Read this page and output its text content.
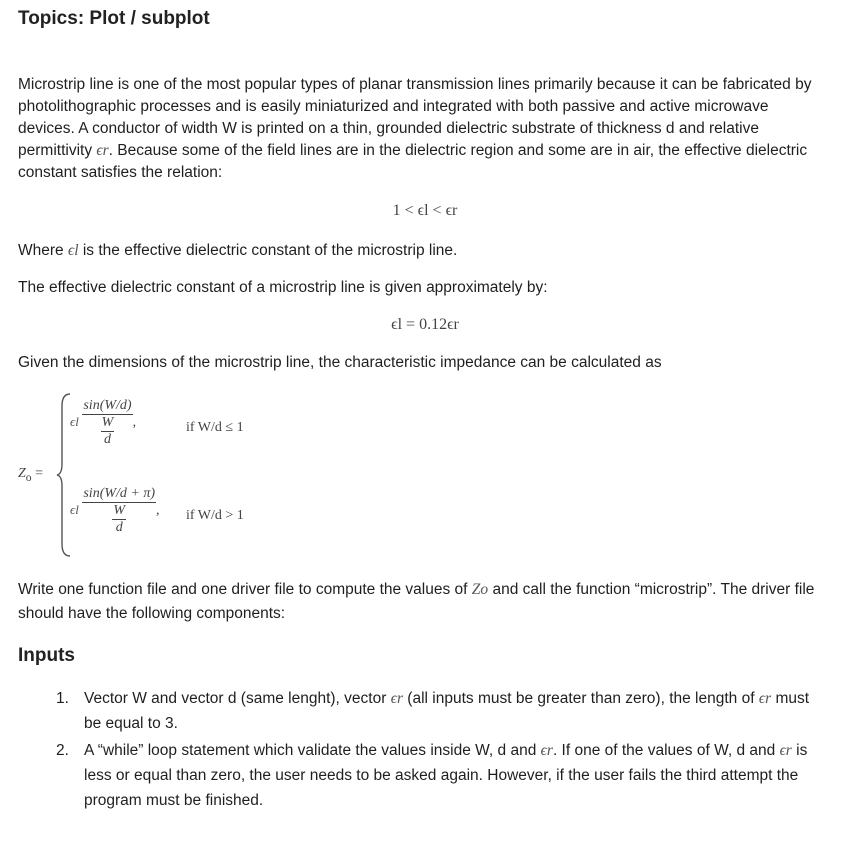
Topics: Plot / subplot
Microstrip line is one of the most popular types of planar transmission lines primarily because it can be fabricated by photolithographic processes and is easily miniaturized and integrated with both passive and active microwave devices. A conductor of width W is printed on a thin, grounded dielectric substrate of thickness d and relative permittivity ϵr. Because some of the field lines are in the dielectric region and some are in air, the effective dielectric constant satisfies the relation:
1 < ϵl < ϵr
Where ϵl is the effective dielectric constant of the microstrip line.
The effective dielectric constant of a microstrip line is given approximately by:
ϵl = 0.12ϵr
Given the dimensions of the microstrip line, the characteristic impedance can be calculated as
$Z_o$ =
ϵl $\frac{\sin(W/d)}{\frac{W}{d}}$ ,	if W/d ≤ 1
ϵl $\frac{\sin(W/d + \pi)}{\frac{W}{d}}$ , if W/d > 1
Write one function file and one driver file to compute the values of Zo and call the function “microstrip”. The driver file should have the following components:
Inputs
1. Vector W and vector d (same lenght), vector ϵr (all inputs must be greater than zero), the length of ϵr must be equal to 3.
2. A “while” loop statement which validate the values inside W, d and ϵr. If one of the values of W, d and ϵr is less or equal than zero, the user needs to be asked again. However, if the user fails the third attempt the program must be finished.
